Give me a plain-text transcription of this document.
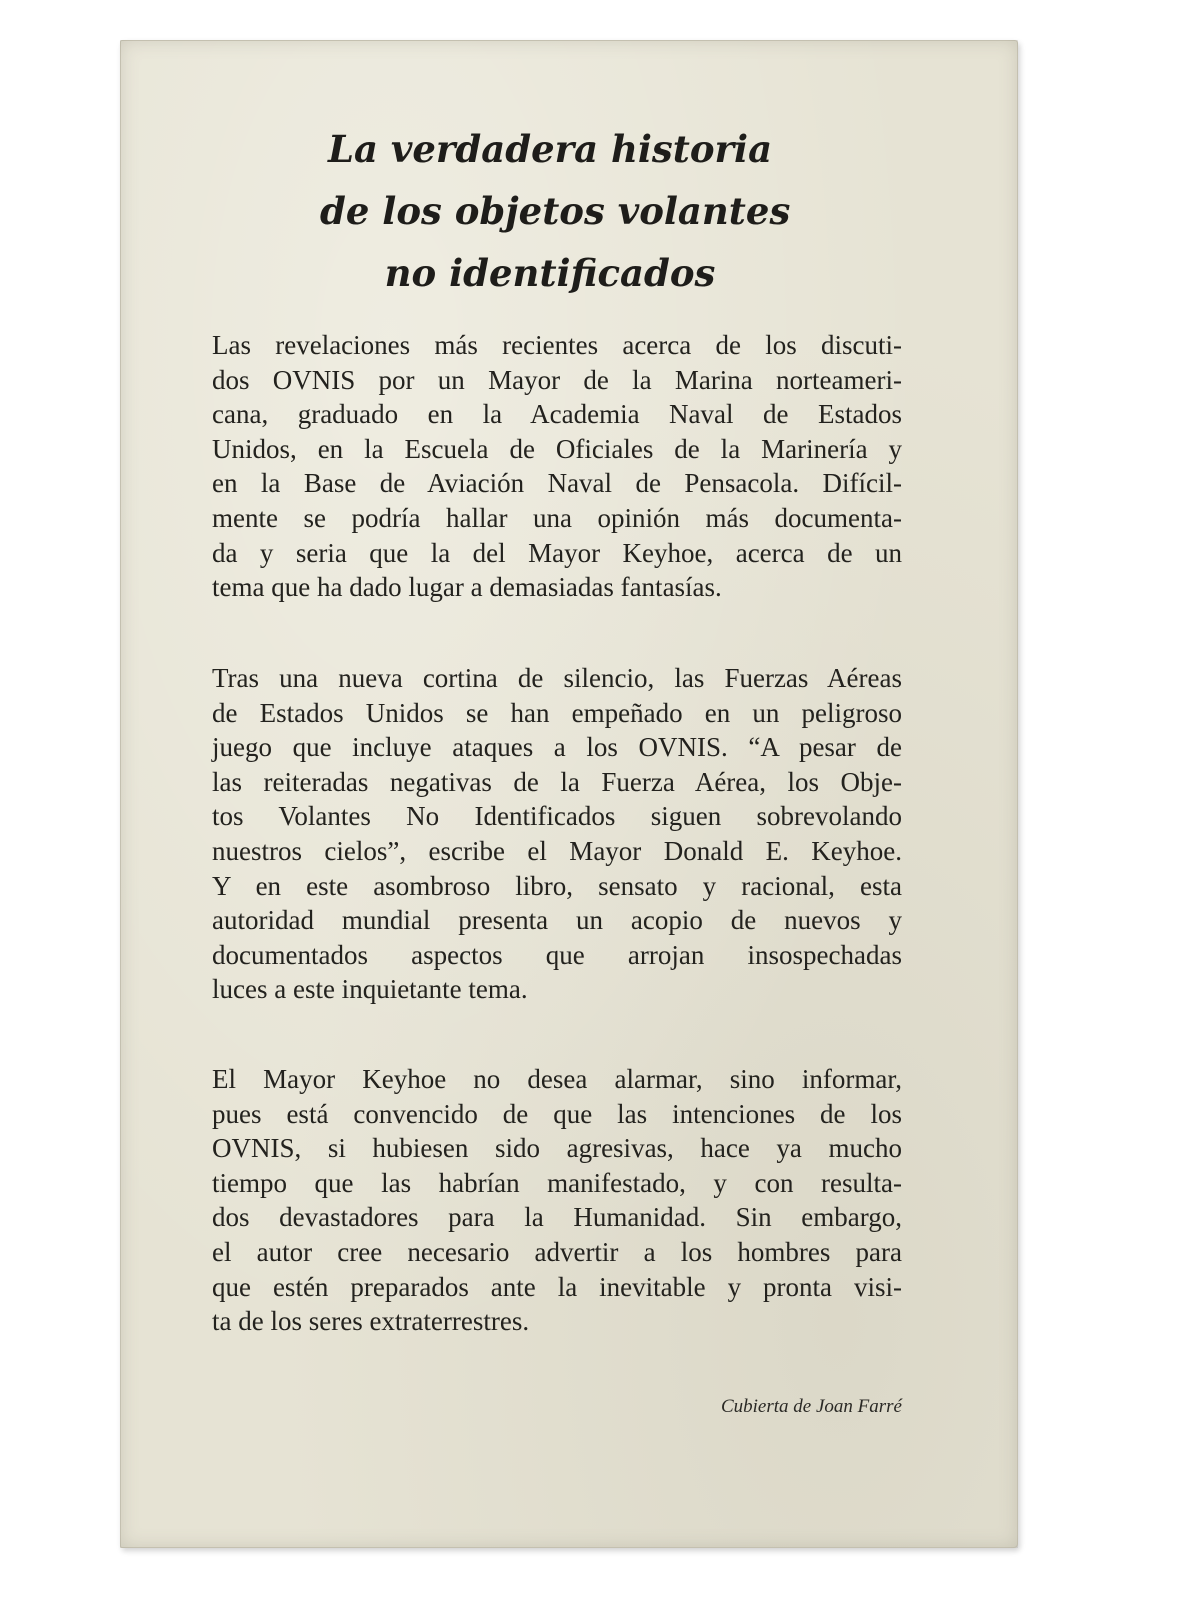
La verdadera historia
de los objetos volantes
no identificados

Las revelaciones más recientes acerca de los discuti-
dos OVNIS por un Mayor de la Marina norteameri-
cana, graduado en la Academia Naval de Estados
Unidos, en la Escuela de Oficiales de la Marinería y
en la Base de Aviación Naval de Pensacola. Difícil-
mente se podría hallar una opinión más documenta-
da y seria que la del Mayor Keyhoe, acerca de un
tema que ha dado lugar a demasiadas fantasías.

Tras una nueva cortina de silencio, las Fuerzas Aéreas
de Estados Unidos se han empeñado en un peligroso
juego que incluye ataques a los OVNIS. “A pesar de
las reiteradas negativas de la Fuerza Aérea, los Obje-
tos Volantes No Identificados siguen sobrevolando
nuestros cielos”, escribe el Mayor Donald E. Keyhoe.
Y en este asombroso libro, sensato y racional, esta
autoridad mundial presenta un acopio de nuevos y
documentados aspectos que arrojan insospechadas
luces a este inquietante tema.

El Mayor Keyhoe no desea alarmar, sino informar,
pues está convencido de que las intenciones de los
OVNIS, si hubiesen sido agresivas, hace ya mucho
tiempo que las habrían manifestado, y con resulta-
dos devastadores para la Humanidad. Sin embargo,
el autor cree necesario advertir a los hombres para
que estén preparados ante la inevitable y pronta visi-
ta de los seres extraterrestres.

Cubierta de Joan Farré
